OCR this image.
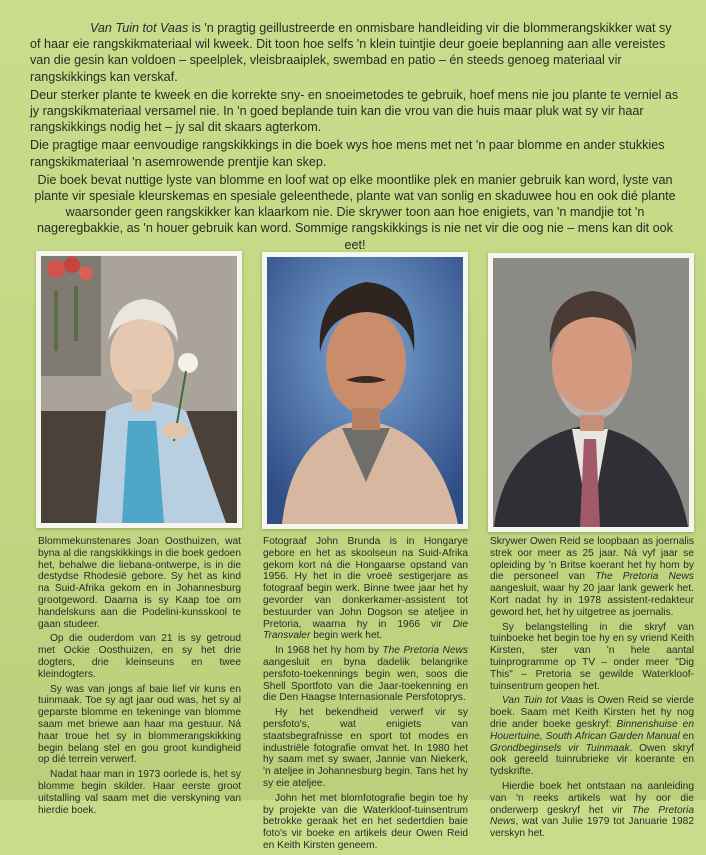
Van Tuin tot Vaas is 'n pragtig geillustreerde en onmisbare handleiding vir die blommerangskikker wat sy of haar eie rangskikmateriaal wil kweek. Dit toon hoe selfs 'n klein tuintjie deur goeie beplanning aan alle vereistes van die gesin kan voldoen – speelplek, vleisbraaiplek, swembad en patio – én steeds genoeg materiaal vir rangskikkings kan verskaf.

Deur sterker plante te kweek en die korrekte sny- en snoeimetodes te gebruik, hoef mens nie jou plante te verniel as jy rangskikmateriaal versamel nie. In 'n goed beplande tuin kan die vrou van die huis maar pluk wat sy vir haar rangskikkings nodig het – jy sal dit skaars agterkom.

Die pragtige maar eenvoudige rangskikkings in die boek wys hoe mens met net 'n paar blomme en ander stukkies rangskikmateriaal 'n asemrowende prentjie kan skep.

Die boek bevat nuttige lyste van blomme en loof wat op elke moontlike plek en manier gebruik kan word, lyste van plante vir spesiale kleurskemas en spesiale geleenthede, plante wat van sonlig en skaduwee hou en ook dié plante waarsonder geen rangskikker kan klaarkom nie. Die skrywer toon aan hoe enigiets, van 'n mandjie tot 'n nageregbakkie, as 'n houer gebruik kan word. Sommige rangskikkings is nie net vir die oog nie – mens kan dit ook eet!

Blommekunstenares Joan Oosthuizen, wat byna al die rangskikkings in die boek gedoen het, behalwe die liebana-ontwerpe, is in die destydse Rhodesië gebore. Sy het as kind na Suid-Afrika gekom en in Johannesburg grootgeword. Daarna is sy Kaap toe om handelskuns aan die Podelini-kunsskool te gaan studeer.

Op die ouderdom van 21 is sy getroud met Ockie Oosthuizen, en sy het drie dogters, drie kleinseuns en twee kleindogters.

Sy was van jongs af baie lief vir kuns en tuinmaak. Toe sy agt jaar oud was, het sy al geparste blomme en tekeninge van blomme saam met briewe aan haar ma gestuur. Ná haar troue het sy in blommerangskikking begin belang stel en gou groot kundigheid op dié terrein verwerf.

Nadat haar man in 1973 oorlede is, het sy blomme begin skilder. Haar eerste groot uitstalling val saam met die verskyning van hierdie boek.

Fotograaf John Brunda is in Hongarye gebore en het as skoolseun na Suid-Afrika gekom kort ná die Hongaarse opstand van 1956. Hy het in die vroeë sestigerjare as fotograaf begin werk. Binne twee jaar het hy gevorder van donkerkamer-assistent tot bestuurder van John Dogson se ateljee in Pretoria, waarna hy in 1966 vir Die Transvaler begin werk het.

In 1968 het hy hom by The Pretoria News aangesluit en byna dadelik belangrike persfoto-toekennings begin wen, soos die Shell Sportfoto van die Jaar-toekenning en die Den Haagse Internasionale Persfotoprys.

Hy het bekendheid verwerf vir sy persfoto's, wat enigiets van staatsbegrafnisse en sport tot modes en industriële fotografie omvat het. In 1980 het hy saam met sy swaer, Jannie van Niekerk, 'n ateljee in Johannesburg begin. Tans het hy sy eie ateljee.

John het met blomfotografie begin toe hy by projekte van die Waterkloof-tuinsentrum betrokke geraak het en het sedertdien baie foto's vir boeke en artikels deur Owen Reid en Keith Kirsten geneem.

Skrywer Owen Reid se loopbaan as joernalis strek oor meer as 25 jaar. Ná vyf jaar se opleiding by 'n Britse koerant het hy hom by die personeel van The Pretoria News aangesluit, waar hy 20 jaar lank gewerk het. Kort nadat hy in 1978 assistent-redakteur geword het, het hy uitgetree as joernalis.

Sy belangstelling in die skryf van tuinboeke het begin toe hy en sy vriend Keith Kirsten, ster van 'n hele aantal tuinprogramme op TV – onder meer "Dig This" – Pretoria se gewilde Waterkloof-tuinsentrum geopen het.

Van Tuin tot Vaas is Owen Reid se vierde boek. Saam met Keith Kirsten het hy nog drie ander boeke geskryf: Binnenshuise en Houertuine, South African Garden Manual en Grondbeginsels vir Tuinmaak. Owen skryf ook gereeld tuinrubrieke vir koerante en tydskrifte.

Hierdie boek het ontstaan na aanleiding van 'n reeks artikels wat hy oor die onderwerp geskryf het vir The Pretoria News, wat van Julie 1979 tot Januarie 1982 verskyn het.
